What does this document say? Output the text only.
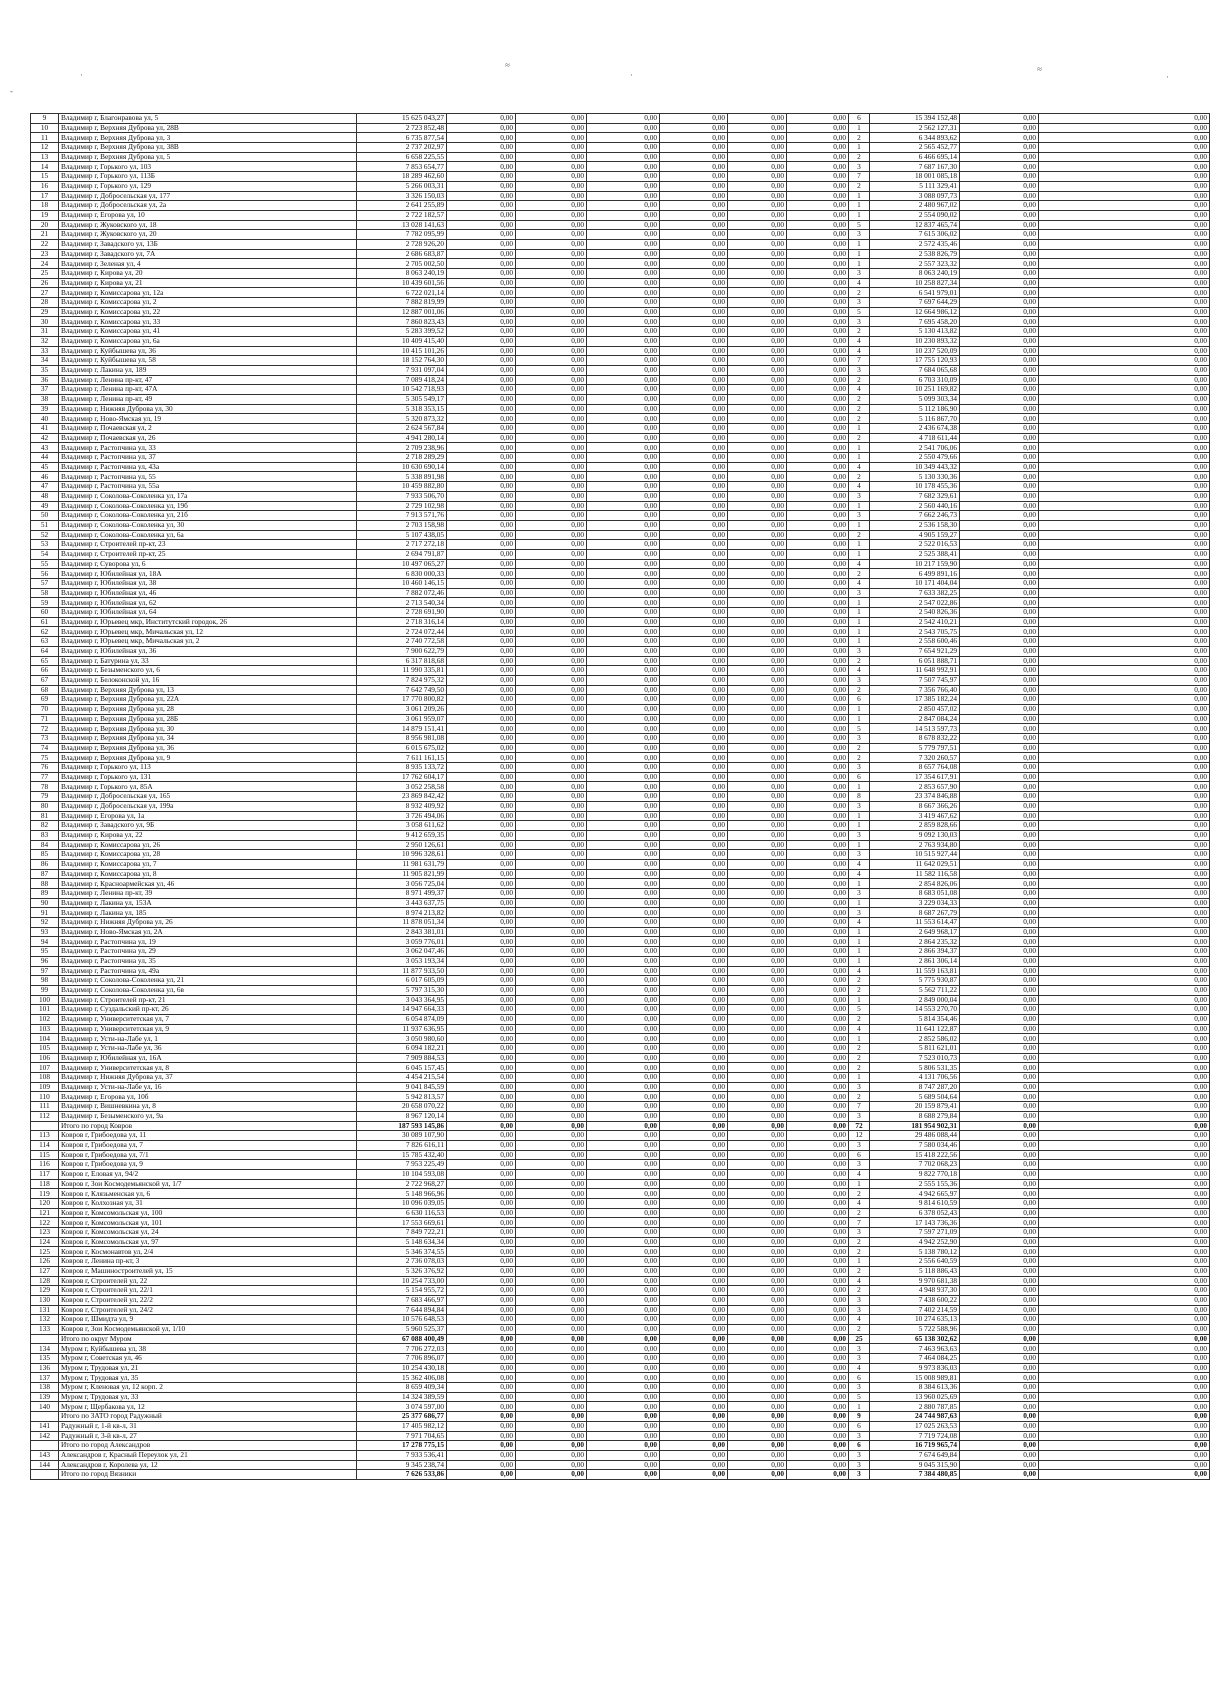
≈
·
≈
·
-
·
9	Владимир г, Благонравова ул, 5	15 625 043,27	0,00	0,00	0,00	0,00	0,00	0,00	6	15 394 152,48	0,00	0,00
10	Владимир г, Верхняя Дуброва ул, 28В	2 723 852,48	0,00	0,00	0,00	0,00	0,00	0,00	1	2 562 127,31	0,00	0,00
11	Владимир г, Верхняя Дуброва ул, 3	6 735 877,54	0,00	0,00	0,00	0,00	0,00	0,00	2	6 344 893,62	0,00	0,00
12	Владимир г, Верхняя Дуброва ул, 38В	2 737 202,97	0,00	0,00	0,00	0,00	0,00	0,00	1	2 565 452,77	0,00	0,00
13	Владимир г, Верхняя Дуброва ул, 5	6 658 225,55	0,00	0,00	0,00	0,00	0,00	0,00	2	6 466 695,14	0,00	0,00
14	Владимир г, Горького ул, 103	7 853 654,77	0,00	0,00	0,00	0,00	0,00	0,00	3	7 687 167,30	0,00	0,00
15	Владимир г, Горького ул, 113Б	18 289 462,60	0,00	0,00	0,00	0,00	0,00	0,00	7	18 001 085,18	0,00	0,00
16	Владимир г, Горького ул, 129	5 266 003,31	0,00	0,00	0,00	0,00	0,00	0,00	2	5 111 329,41	0,00	0,00
17	Владимир г, Добросельская ул, 177	3 326 150,03	0,00	0,00	0,00	0,00	0,00	0,00	1	3 088 097,73	0,00	0,00
18	Владимир г, Добросельская ул, 2а	2 641 255,89	0,00	0,00	0,00	0,00	0,00	0,00	1	2 480 967,02	0,00	0,00
19	Владимир г, Егорова ул, 10	2 722 182,57	0,00	0,00	0,00	0,00	0,00	0,00	1	2 554 090,02	0,00	0,00
20	Владимир г, Жуковского ул, 18	13 028 141,63	0,00	0,00	0,00	0,00	0,00	0,00	5	12 837 465,74	0,00	0,00
21	Владимир г, Жуковского ул, 20	7 782 095,99	0,00	0,00	0,00	0,00	0,00	0,00	3	7 615 306,02	0,00	0,00
22	Владимир г, Завадского ул, 13Б	2 728 926,20	0,00	0,00	0,00	0,00	0,00	0,00	1	2 572 435,46	0,00	0,00
23	Владимир г, Завадского ул, 7А	2 686 683,87	0,00	0,00	0,00	0,00	0,00	0,00	1	2 538 826,79	0,00	0,00
24	Владимир г, Зеленая ул, 4	2 705 002,50	0,00	0,00	0,00	0,00	0,00	0,00	1	2 557 323,32	0,00	0,00
25	Владимир г, Кирова ул, 20	8 063 240,19	0,00	0,00	0,00	0,00	0,00	0,00	3	8 063 240,19	0,00	0,00
26	Владимир г, Кирова ул, 21	10 439 601,56	0,00	0,00	0,00	0,00	0,00	0,00	4	10 258 827,34	0,00	0,00
27	Владимир г, Комиссарова ул, 12а	6 722 021,14	0,00	0,00	0,00	0,00	0,00	0,00	2	6 541 979,01	0,00	0,00
28	Владимир г, Комиссарова ул, 2	7 882 819,99	0,00	0,00	0,00	0,00	0,00	0,00	3	7 697 644,29	0,00	0,00
29	Владимир г, Комиссарова ул, 22	12 887 001,06	0,00	0,00	0,00	0,00	0,00	0,00	5	12 664 986,12	0,00	0,00
30	Владимир г, Комиссарова ул, 33	7 860 823,43	0,00	0,00	0,00	0,00	0,00	0,00	3	7 695 458,20	0,00	0,00
31	Владимир г, Комиссарова ул, 41	5 283 399,52	0,00	0,00	0,00	0,00	0,00	0,00	2	5 130 413,82	0,00	0,00
32	Владимир г, Комиссарова ул, 6а	10 409 415,40	0,00	0,00	0,00	0,00	0,00	0,00	4	10 230 893,32	0,00	0,00
33	Владимир г, Куйбышева ул, 36	10 415 101,26	0,00	0,00	0,00	0,00	0,00	0,00	4	10 237 520,09	0,00	0,00
34	Владимир г, Куйбышева ул, 58	18 152 764,30	0,00	0,00	0,00	0,00	0,00	0,00	7	17 755 120,93	0,00	0,00
35	Владимир г, Лакина ул, 189	7 931 097,04	0,00	0,00	0,00	0,00	0,00	0,00	3	7 684 065,68	0,00	0,00
36	Владимир г, Ленина пр-кт, 47	7 089 418,24	0,00	0,00	0,00	0,00	0,00	0,00	2	6 703 310,09	0,00	0,00
37	Владимир г, Ленина пр-кт, 47А	10 542 718,93	0,00	0,00	0,00	0,00	0,00	0,00	4	10 251 169,82	0,00	0,00
38	Владимир г, Ленина пр-кт, 49	5 305 549,17	0,00	0,00	0,00	0,00	0,00	0,00	2	5 099 303,34	0,00	0,00
39	Владимир г, Нижняя Дуброва ул, 30	5 318 353,15	0,00	0,00	0,00	0,00	0,00	0,00	2	5 112 186,90	0,00	0,00
40	Владимир г, Ново-Ямская ул, 19	5 320 873,32	0,00	0,00	0,00	0,00	0,00	0,00	2	5 116 867,70	0,00	0,00
41	Владимир г, Почаевская ул, 2	2 624 567,84	0,00	0,00	0,00	0,00	0,00	0,00	1	2 436 674,38	0,00	0,00
42	Владимир г, Почаевская ул, 26	4 941 280,14	0,00	0,00	0,00	0,00	0,00	0,00	2	4 718 611,44	0,00	0,00
43	Владимир г, Растопчина ул, 33	2 709 238,96	0,00	0,00	0,00	0,00	0,00	0,00	1	2 541 706,06	0,00	0,00
44	Владимир г, Растопчина ул, 37	2 718 289,29	0,00	0,00	0,00	0,00	0,00	0,00	1	2 550 479,66	0,00	0,00
45	Владимир г, Растопчина ул, 43а	10 630 690,14	0,00	0,00	0,00	0,00	0,00	0,00	4	10 349 443,32	0,00	0,00
46	Владимир г, Растопчина ул, 55	5 338 891,98	0,00	0,00	0,00	0,00	0,00	0,00	2	5 130 330,36	0,00	0,00
47	Владимир г, Растопчина ул, 55а	10 459 882,80	0,00	0,00	0,00	0,00	0,00	0,00	4	10 178 455,36	0,00	0,00
48	Владимир г, Соколова-Соколенка ул, 17а	7 933 506,70	0,00	0,00	0,00	0,00	0,00	0,00	3	7 682 329,61	0,00	0,00
49	Владимир г, Соколова-Соколенка ул, 19б	2 729 102,98	0,00	0,00	0,00	0,00	0,00	0,00	1	2 560 440,16	0,00	0,00
50	Владимир г, Соколова-Соколенка ул, 21б	7 913 571,76	0,00	0,00	0,00	0,00	0,00	0,00	3	7 662 246,73	0,00	0,00
51	Владимир г, Соколова-Соколенка ул, 30	2 703 158,98	0,00	0,00	0,00	0,00	0,00	0,00	1	2 536 158,30	0,00	0,00
52	Владимир г, Соколова-Соколенка ул, 6а	5 107 438,05	0,00	0,00	0,00	0,00	0,00	0,00	2	4 905 159,27	0,00	0,00
53	Владимир г, Строителей пр-кт, 23	2 717 272,18	0,00	0,00	0,00	0,00	0,00	0,00	1	2 522 016,53	0,00	0,00
54	Владимир г, Строителей пр-кт, 25	2 694 791,87	0,00	0,00	0,00	0,00	0,00	0,00	1	2 525 388,41	0,00	0,00
55	Владимир г, Суворова ул, 6	10 497 065,27	0,00	0,00	0,00	0,00	0,00	0,00	4	10 217 159,90	0,00	0,00
56	Владимир г, Юбилейная ул, 18А	6 830 000,33	0,00	0,00	0,00	0,00	0,00	0,00	2	6 499 891,16	0,00	0,00
57	Владимир г, Юбилейная ул, 38	10 460 146,15	0,00	0,00	0,00	0,00	0,00	0,00	4	10 171 404,04	0,00	0,00
58	Владимир г, Юбилейная ул, 46	7 882 072,46	0,00	0,00	0,00	0,00	0,00	0,00	3	7 633 382,25	0,00	0,00
59	Владимир г, Юбилейная ул, 62	2 713 540,34	0,00	0,00	0,00	0,00	0,00	0,00	1	2 547 022,86	0,00	0,00
60	Владимир г, Юбилейная ул, 64	2 728 691,90	0,00	0,00	0,00	0,00	0,00	0,00	1	2 540 826,36	0,00	0,00
61	Владимир г, Юрьевец мкр, Институтский городок, 26	2 718 316,14	0,00	0,00	0,00	0,00	0,00	0,00	1	2 542 410,21	0,00	0,00
62	Владимир г, Юрьевец мкр, Мичальская ул, 12	2 724 072,44	0,00	0,00	0,00	0,00	0,00	0,00	1	2 543 705,75	0,00	0,00
63	Владимир г, Юрьевец мкр, Мичальская ул, 2	2 740 772,58	0,00	0,00	0,00	0,00	0,00	0,00	1	2 558 600,46	0,00	0,00
64	Владимир г, Юбилейная ул, 36	7 900 622,79	0,00	0,00	0,00	0,00	0,00	0,00	3	7 654 921,29	0,00	0,00
65	Владимир г, Батурина ул, 33	6 317 818,68	0,00	0,00	0,00	0,00	0,00	0,00	2	6 051 888,71	0,00	0,00
66	Владимир г, Безыменского ул, 6	11 990 335,81	0,00	0,00	0,00	0,00	0,00	0,00	4	11 648 992,91	0,00	0,00
67	Владимир г, Белоконской ул, 16	7 824 975,32	0,00	0,00	0,00	0,00	0,00	0,00	3	7 507 745,97	0,00	0,00
68	Владимир г, Верхняя Дуброва ул, 13	7 642 749,50	0,00	0,00	0,00	0,00	0,00	0,00	2	7 356 766,40	0,00	0,00
69	Владимир г, Верхняя Дуброва ул, 22А	17 770 800,82	0,00	0,00	0,00	0,00	0,00	0,00	6	17 385 182,24	0,00	0,00
70	Владимир г, Верхняя Дуброва ул, 28	3 061 209,26	0,00	0,00	0,00	0,00	0,00	0,00	1	2 850 457,02	0,00	0,00
71	Владимир г, Верхняя Дуброва ул, 28Б	3 061 959,07	0,00	0,00	0,00	0,00	0,00	0,00	1	2 847 084,24	0,00	0,00
72	Владимир г, Верхняя Дуброва ул, 30	14 879 151,41	0,00	0,00	0,00	0,00	0,00	0,00	5	14 513 597,73	0,00	0,00
73	Владимир г, Верхняя Дуброва ул, 34	8 956 981,08	0,00	0,00	0,00	0,00	0,00	0,00	3	8 678 832,22	0,00	0,00
74	Владимир г, Верхняя Дуброва ул, 36	6 015 675,02	0,00	0,00	0,00	0,00	0,00	0,00	2	5 779 797,51	0,00	0,00
75	Владимир г, Верхняя Дуброва ул, 9	7 611 161,15	0,00	0,00	0,00	0,00	0,00	0,00	2	7 320 260,57	0,00	0,00
76	Владимир г, Горького ул, 113	8 935 133,72	0,00	0,00	0,00	0,00	0,00	0,00	3	8 657 764,08	0,00	0,00
77	Владимир г, Горького ул, 131	17 762 604,17	0,00	0,00	0,00	0,00	0,00	0,00	6	17 354 617,91	0,00	0,00
78	Владимир г, Горького ул, 85А	3 052 258,58	0,00	0,00	0,00	0,00	0,00	0,00	1	2 853 657,90	0,00	0,00
79	Владимир г, Добросельская ул, 165	23 869 842,42	0,00	0,00	0,00	0,00	0,00	0,00	8	23 374 846,88	0,00	0,00
80	Владимир г, Добросельская ул, 199а	8 932 409,92	0,00	0,00	0,00	0,00	0,00	0,00	3	8 667 366,26	0,00	0,00
81	Владимир г, Егорова ул, 1а	3 726 494,06	0,00	0,00	0,00	0,00	0,00	0,00	1	3 419 467,62	0,00	0,00
82	Владимир г, Завадского ул, 9Б	3 058 611,62	0,00	0,00	0,00	0,00	0,00	0,00	1	2 859 828,66	0,00	0,00
83	Владимир г, Кирова ул, 22	9 412 659,35	0,00	0,00	0,00	0,00	0,00	0,00	3	9 092 130,03	0,00	0,00
84	Владимир г, Комиссарова ул, 26	2 950 126,61	0,00	0,00	0,00	0,00	0,00	0,00	1	2 763 934,80	0,00	0,00
85	Владимир г, Комиссарова ул, 28	10 996 328,61	0,00	0,00	0,00	0,00	0,00	0,00	3	10 515 927,44	0,00	0,00
86	Владимир г, Комиссарова ул, 7	11 981 631,79	0,00	0,00	0,00	0,00	0,00	0,00	4	11 642 029,51	0,00	0,00
87	Владимир г, Комиссарова ул, 8	11 905 821,99	0,00	0,00	0,00	0,00	0,00	0,00	4	11 582 116,58	0,00	0,00
88	Владимир г, Красноармейская ул, 46	3 056 725,04	0,00	0,00	0,00	0,00	0,00	0,00	1	2 854 826,06	0,00	0,00
89	Владимир г, Ленина пр-кт, 39	8 971 499,37	0,00	0,00	0,00	0,00	0,00	0,00	3	8 683 051,08	0,00	0,00
90	Владимир г, Лакина ул, 153А	3 443 637,75	0,00	0,00	0,00	0,00	0,00	0,00	1	3 229 034,33	0,00	0,00
91	Владимир г, Лакина ул, 185	8 974 213,82	0,00	0,00	0,00	0,00	0,00	0,00	3	8 687 267,79	0,00	0,00
92	Владимир г, Нижняя Дуброва ул, 26	11 878 051,34	0,00	0,00	0,00	0,00	0,00	0,00	4	11 553 614,47	0,00	0,00
93	Владимир г, Ново-Ямская ул, 2А	2 843 381,01	0,00	0,00	0,00	0,00	0,00	0,00	1	2 649 968,17	0,00	0,00
94	Владимир г, Растопчина ул, 19	3 059 776,01	0,00	0,00	0,00	0,00	0,00	0,00	1	2 864 235,32	0,00	0,00
95	Владимир г, Растопчина ул, 29	3 062 047,46	0,00	0,00	0,00	0,00	0,00	0,00	1	2 866 394,37	0,00	0,00
96	Владимир г, Растопчина ул, 35	3 053 193,34	0,00	0,00	0,00	0,00	0,00	0,00	1	2 861 306,14	0,00	0,00
97	Владимир г, Растопчина ул, 49а	11 877 933,50	0,00	0,00	0,00	0,00	0,00	0,00	4	11 559 163,81	0,00	0,00
98	Владимир г, Соколова-Соколенка ул, 21	6 017 605,09	0,00	0,00	0,00	0,00	0,00	0,00	2	5 775 930,87	0,00	0,00
99	Владимир г, Соколова-Соколенка ул, 6в	5 797 315,30	0,00	0,00	0,00	0,00	0,00	0,00	2	5 562 711,22	0,00	0,00
100	Владимир г, Строителей пр-кт, 21	3 043 364,95	0,00	0,00	0,00	0,00	0,00	0,00	1	2 849 000,04	0,00	0,00
101	Владимир г, Суздальский пр-кт, 26	14 947 664,33	0,00	0,00	0,00	0,00	0,00	0,00	5	14 553 270,70	0,00	0,00
102	Владимир г, Университетская ул, 7	6 054 874,09	0,00	0,00	0,00	0,00	0,00	0,00	2	5 814 354,46	0,00	0,00
103	Владимир г, Университетская ул, 9	11 937 636,95	0,00	0,00	0,00	0,00	0,00	0,00	4	11 641 122,87	0,00	0,00
104	Владимир г, Усти-на-Лабе ул, 1	3 050 980,60	0,00	0,00	0,00	0,00	0,00	0,00	1	2 852 586,02	0,00	0,00
105	Владимир г, Усти-на-Лабе ул, 36	6 094 182,21	0,00	0,00	0,00	0,00	0,00	0,00	2	5 811 621,01	0,00	0,00
106	Владимир г, Юбилейная ул, 16А	7 909 884,53	0,00	0,00	0,00	0,00	0,00	0,00	2	7 523 010,73	0,00	0,00
107	Владимир г, Университетская ул, 8	6 045 157,45	0,00	0,00	0,00	0,00	0,00	0,00	2	5 806 531,35	0,00	0,00
108	Владимир г, Нижняя Дуброва ул, 37	4 454 215,54	0,00	0,00	0,00	0,00	0,00	0,00	1	4 131 706,56	0,00	0,00
109	Владимир г, Усти-на-Лабе ул, 16	9 041 845,59	0,00	0,00	0,00	0,00	0,00	0,00	3	8 747 287,20	0,00	0,00
110	Владимир г, Егорова ул, 10б	5 942 813,57	0,00	0,00	0,00	0,00	0,00	0,00	2	5 689 504,64	0,00	0,00
111	Владимир г, Вишневкина ул, 8	20 658 070,22	0,00	0,00	0,00	0,00	0,00	0,00	7	20 159 879,41	0,00	0,00
112	Владимир г, Безыменского ул, 9а	8 967 120,14	0,00	0,00	0,00	0,00	0,00	0,00	3	8 688 279,84	0,00	0,00
	Итого по город Ковров	187 593 145,86	0,00	0,00	0,00	0,00	0,00	0,00	72	181 954 902,31	0,00	0,00
113	Ковров г, Грибоедова ул, 11	30 089 107,90	0,00	0,00	0,00	0,00	0,00	0,00	12	29 486 088,44	0,00	0,00
114	Ковров г, Грибоедова ул, 7	7 826 616,11	0,00	0,00	0,00	0,00	0,00	0,00	3	7 580 034,46	0,00	0,00
115	Ковров г, Грибоедова ул, 7/1	15 785 432,40	0,00	0,00	0,00	0,00	0,00	0,00	6	15 418 222,56	0,00	0,00
116	Ковров г, Грибоедова ул, 9	7 953 225,49	0,00	0,00	0,00	0,00	0,00	0,00	3	7 702 068,23	0,00	0,00
117	Ковров г, Еловая ул, 94/2	10 104 593,08	0,00	0,00	0,00	0,00	0,00	0,00	4	9 822 770,18	0,00	0,00
118	Ковров г, Зои Космодемьянской ул, 1/7	2 722 968,27	0,00	0,00	0,00	0,00	0,00	0,00	1	2 555 155,36	0,00	0,00
119	Ковров г, Клязьменская ул, 6	5 148 966,96	0,00	0,00	0,00	0,00	0,00	0,00	2	4 942 665,97	0,00	0,00
120	Ковров г, Колхозная ул, 31	10 096 039,05	0,00	0,00	0,00	0,00	0,00	0,00	4	9 814 610,59	0,00	0,00
121	Ковров г, Комсомольская ул, 100	6 630 116,53	0,00	0,00	0,00	0,00	0,00	0,00	2	6 378 052,43	0,00	0,00
122	Ковров г, Комсомольская ул, 101	17 553 669,61	0,00	0,00	0,00	0,00	0,00	0,00	7	17 143 736,36	0,00	0,00
123	Ковров г, Комсомольская ул, 24	7 849 722,21	0,00	0,00	0,00	0,00	0,00	0,00	3	7 597 271,09	0,00	0,00
124	Ковров г, Комсомольская ул, 97	5 148 634,34	0,00	0,00	0,00	0,00	0,00	0,00	2	4 942 252,90	0,00	0,00
125	Ковров г, Космонавтов ул, 2/4	5 346 374,55	0,00	0,00	0,00	0,00	0,00	0,00	2	5 138 780,12	0,00	0,00
126	Ковров г, Ленина пр-кт, 3	2 736 078,03	0,00	0,00	0,00	0,00	0,00	0,00	1	2 556 640,59	0,00	0,00
127	Ковров г, Машиностроителей ул, 15	5 326 376,92	0,00	0,00	0,00	0,00	0,00	0,00	2	5 118 886,43	0,00	0,00
128	Ковров г, Строителей ул, 22	10 254 733,00	0,00	0,00	0,00	0,00	0,00	0,00	4	9 970 681,38	0,00	0,00
129	Ковров г, Строителей ул, 22/1	5 154 955,72	0,00	0,00	0,00	0,00	0,00	0,00	2	4 948 937,30	0,00	0,00
130	Ковров г, Строителей ул, 22/2	7 683 466,97	0,00	0,00	0,00	0,00	0,00	0,00	3	7 438 600,22	0,00	0,00
131	Ковров г, Строителей ул, 24/2	7 644 894,84	0,00	0,00	0,00	0,00	0,00	0,00	3	7 402 214,59	0,00	0,00
132	Ковров г, Шмидта ул, 9	10 576 648,53	0,00	0,00	0,00	0,00	0,00	0,00	4	10 274 635,13	0,00	0,00
133	Ковров г, Зои Космодемьянской ул, 1/10	5 960 525,37	0,00	0,00	0,00	0,00	0,00	0,00	2	5 722 588,96	0,00	0,00
	Итого по округ Муром	67 088 400,49	0,00	0,00	0,00	0,00	0,00	0,00	25	65 138 302,62	0,00	0,00
134	Муром г, Куйбышева ул, 38	7 706 272,03	0,00	0,00	0,00	0,00	0,00	0,00	3	7 463 963,63	0,00	0,00
135	Муром г, Советская ул, 46	7 706 896,07	0,00	0,00	0,00	0,00	0,00	0,00	3	7 464 084,25	0,00	0,00
136	Муром г, Трудовая ул, 21	10 254 430,18	0,00	0,00	0,00	0,00	0,00	0,00	4	9 973 836,03	0,00	0,00
137	Муром г, Трудовая ул, 35	15 362 406,08	0,00	0,00	0,00	0,00	0,00	0,00	6	15 008 989,81	0,00	0,00
138	Муром г, Кленовая ул, 12 корп. 2	8 659 409,34	0,00	0,00	0,00	0,00	0,00	0,00	3	8 384 613,36	0,00	0,00
139	Муром г, Трудовая ул, 33	14 324 389,59	0,00	0,00	0,00	0,00	0,00	0,00	5	13 960 025,69	0,00	0,00
140	Муром г, Щербакова ул, 12	3 074 597,00	0,00	0,00	0,00	0,00	0,00	0,00	1	2 880 787,85	0,00	0,00
	Итого по ЗАТО город Радужный	25 377 686,77	0,00	0,00	0,00	0,00	0,00	0,00	9	24 744 987,63	0,00	0,00
141	Радужный г, 1-й кв-л, 31	17 405 982,12	0,00	0,00	0,00	0,00	0,00	0,00	6	17 025 263,53	0,00	0,00
142	Радужный г, 3-й кв-л, 27	7 971 704,65	0,00	0,00	0,00	0,00	0,00	0,00	3	7 719 724,08	0,00	0,00
	Итого по город Александров	17 278 775,15	0,00	0,00	0,00	0,00	0,00	0,00	6	16 719 965,74	0,00	0,00
143	Александров г, Красный Переулок ул, 21	7 933 536,41	0,00	0,00	0,00	0,00	0,00	0,00	3	7 674 649,84	0,00	0,00
144	Александров г, Королева ул, 12	9 345 238,74	0,00	0,00	0,00	0,00	0,00	0,00	3	9 045 315,90	0,00	0,00
	Итого по город Вязники	7 626 533,86	0,00	0,00	0,00	0,00	0,00	0,00	3	7 384 480,85	0,00	0,00
